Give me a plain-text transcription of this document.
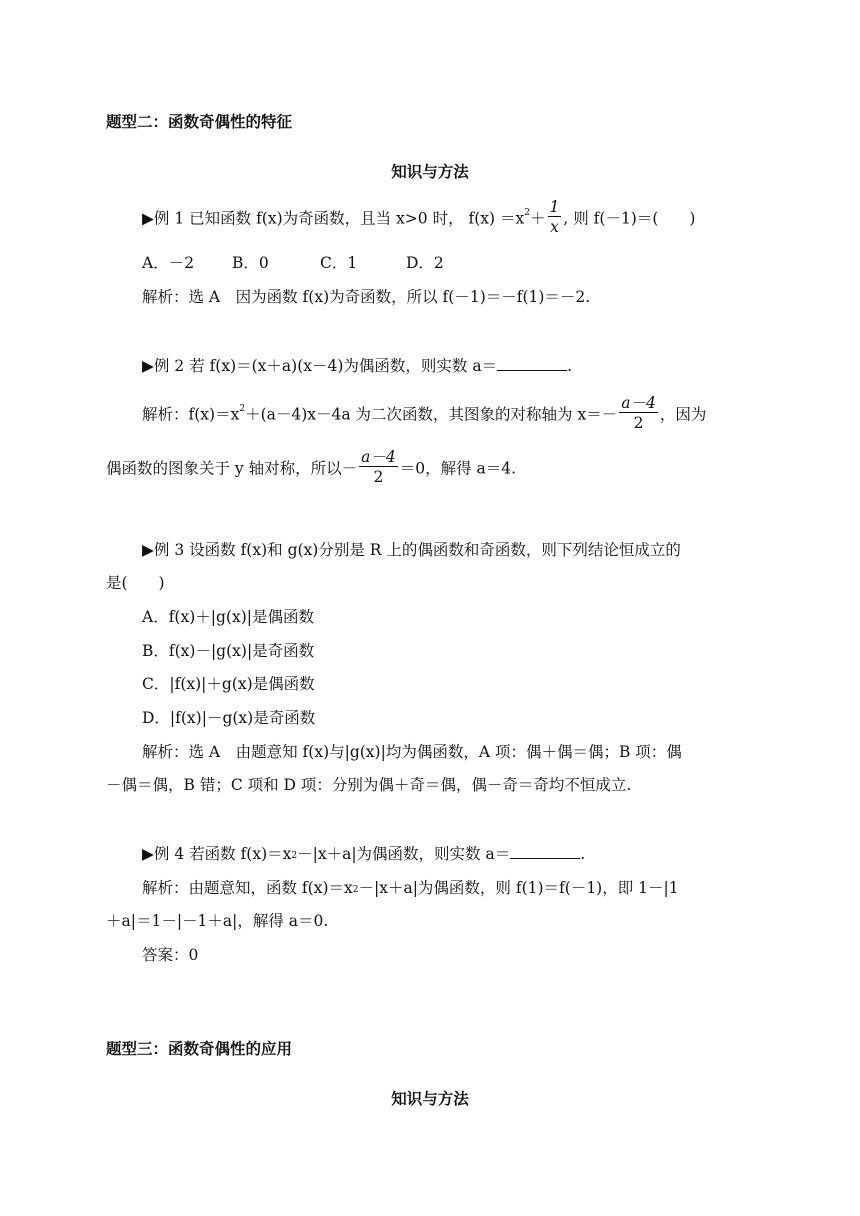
题型二：函数奇偶性的特征
知识与方法
▶例 1 已知函数 f(x)为奇函数，且当 x>0 时， $f(x) =x^2+ \frac{1}{x}$ , 则 f(－1)＝(　　)
A．－2 B．0	C．1	D．2
解析：选 A　因为函数 f(x)为奇函数，所以 f(－1)＝－f(1)＝－2.
▶例 2 若 f(x)＝(x＋a)(x－4)为偶函数，则实数 a＝	.
解析：$f(x)=x^2+(a-4)x-4a$ 为二次函数，其图象的对称轴为 $x=- \frac{a-4}{2}$ ，因为
偶函数的图象关于 y 轴对称，所以－ $\frac{a-4}{2} =0$，解得 a＝4.
▶例 3 设函数 f(x)和 g(x)分别是 R 上的偶函数和奇函数，则下列结论恒成立的
是(　　)
A．f(x)＋|g(x)|是偶函数
B．f(x)－|g(x)|是奇函数
C．|f(x)|＋g(x)是偶函数
D．|f(x)|－g(x)是奇函数
解析：选 A　由题意知 f(x)与|g(x)|均为偶函数，A 项：偶＋偶＝偶；B 项：偶
－偶＝偶，B 错；C 项和 D 项：分别为偶＋奇＝偶，偶－奇＝奇均不恒成立.
▶例 4 若函数 $f(x)=x^2-|x+a|$为偶函数，则实数 a＝	.
解析：由题意知，函数 $f(x)=x^2-|x+a|$为偶函数，则 f(1)＝f(－1)，即 1－|1
＋a|＝1－|－1＋a|，解得 a＝0.
答案：0
题型三：函数奇偶性的应用
知识与方法
